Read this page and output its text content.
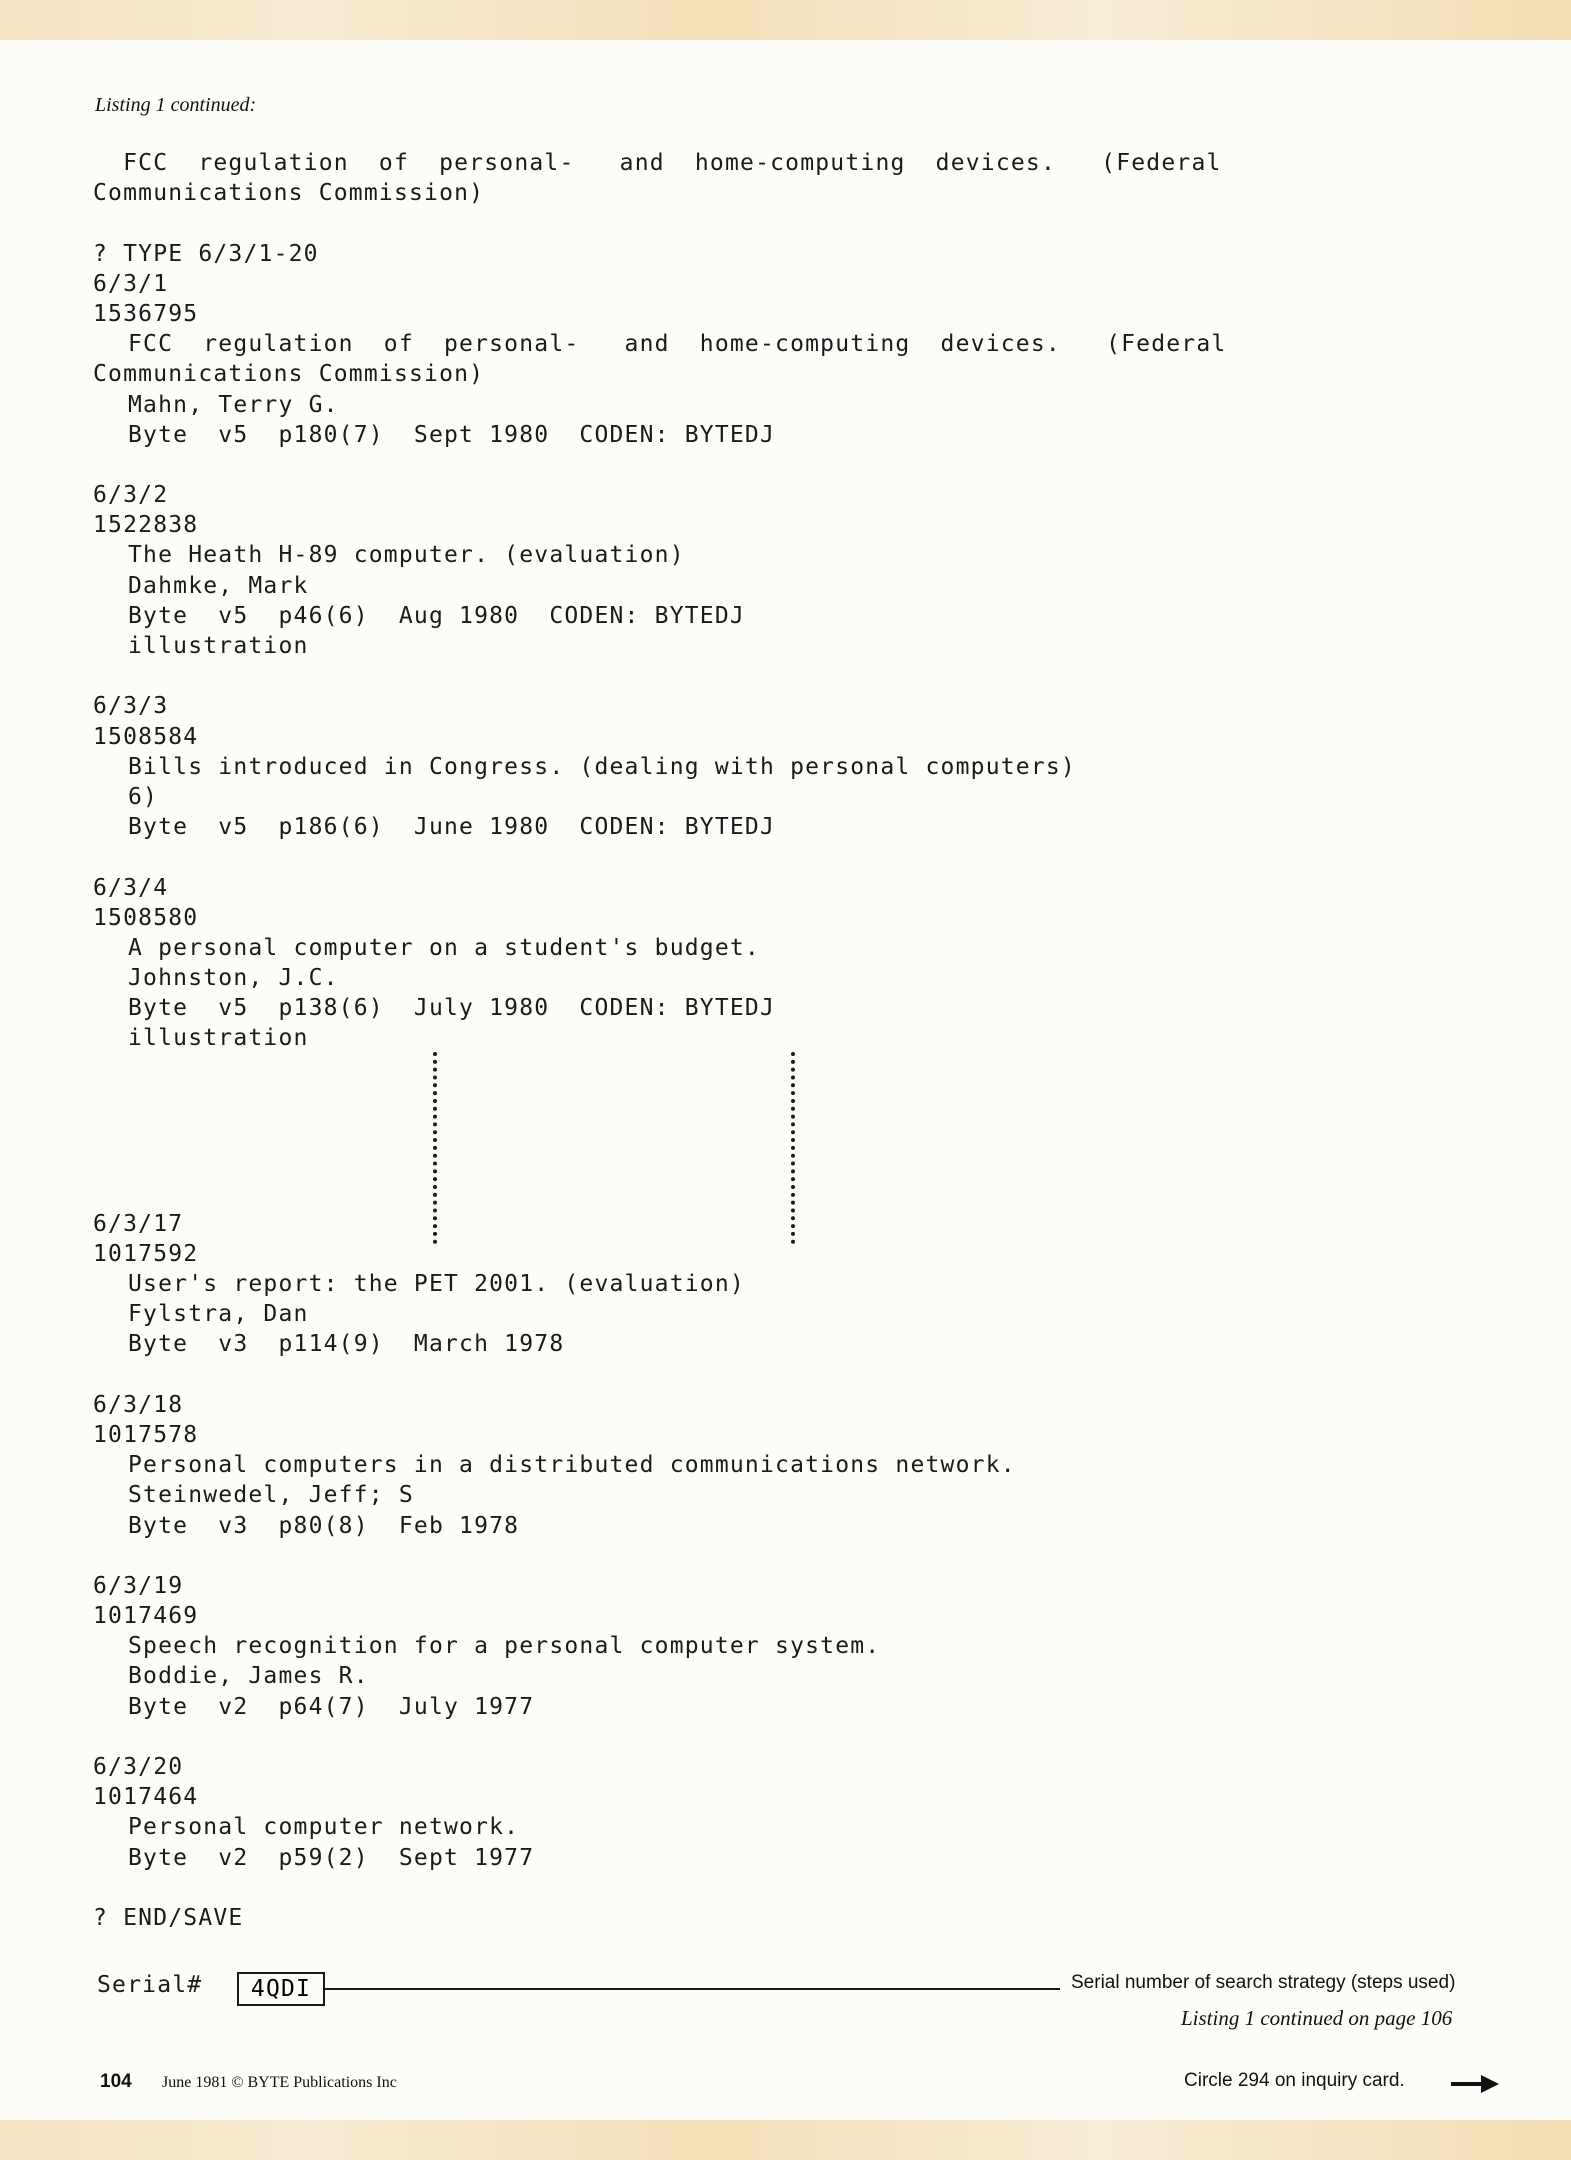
Listing 1 continued:
FCC  regulation  of  personal-   and  home-computing  devices.   (Federal
Communications Commission)
? TYPE 6/3/1-20
6/3/1
1536795
FCC  regulation  of  personal-   and  home-computing  devices.   (Federal
Communications Commission)
Mahn, Terry G.
Byte  v5  p180(7)  Sept 1980  CODEN: BYTEDJ
6/3/2
1522838
The Heath H-89 computer. (evaluation)
Dahmke, Mark
Byte  v5  p46(6)  Aug 1980  CODEN: BYTEDJ
illustration
6/3/3
1508584
Bills introduced in Congress. (dealing with personal computers)
6)
Byte  v5  p186(6)  June 1980  CODEN: BYTEDJ
6/3/4
1508580
A personal computer on a student's budget.
Johnston, J.C.
Byte  v5  p138(6)  July 1980  CODEN: BYTEDJ
illustration
6/3/17
1017592
User's report: the PET 2001. (evaluation)
Fylstra, Dan
Byte  v3  p114(9)  March 1978
6/3/18
1017578
Personal computers in a distributed communications network.
Steinwedel, Jeff; S
Byte  v3  p80(8)  Feb 1978
6/3/19
1017469
Speech recognition for a personal computer system.
Boddie, James R.
Byte  v2  p64(7)  July 1977
6/3/20
1017464
Personal computer network.
Byte  v2  p59(2)  Sept 1977
? END/SAVE
Serial#	4QDI	Serial number of search strategy (steps used)
Listing 1 continued on page 106
104 June 1981 © BYTE Publications Inc	Circle 294 on inquiry card.
